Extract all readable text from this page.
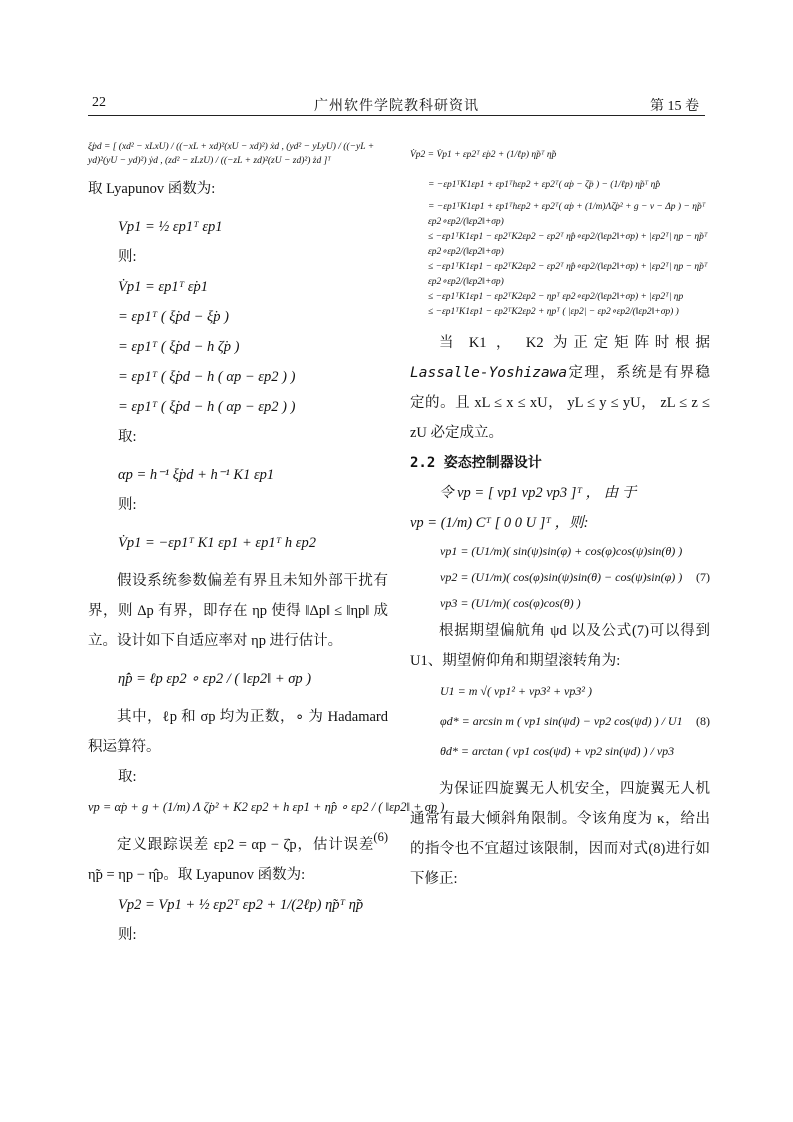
22	广州软件学院教科研资讯	第 15 卷
ξ̇pd = [ (xd² − xLxU) / ((−xL + xd)²(xU − xd)²) ẋd , (yd² − yLyU) / ((−yL + yd)²(yU − yd)²) ẏd , (zd² − zLzU) / ((−zL + zd)²(zU − zd)²) żd ]ᵀ
取 Lyapunov 函数为:
Vp1 = ½ εp1ᵀ εp1
则:
V̇p1 = εp1ᵀ ε̇p1
= εp1ᵀ ( ξ̇pd − ξ̇p )
= εp1ᵀ ( ξ̇pd − h ζ̇p )
= εp1ᵀ ( ξ̇pd − h ( αp − εp2 ) )
= εp1ᵀ ( ξ̇pd − h ( αp − εp2 ) )
取:
αp = h⁻¹ ξ̇pd + h⁻¹ K1 εp1
则:
V̇p1 = −εp1ᵀ K1 εp1 + εp1ᵀ h εp2
假设系统参数偏差有界且未知外部干扰有界，则 Δp 有界，即存在 ηp 使得 ‖Δp‖ ≤ ‖ηp‖ 成立。设计如下自适应率对 ηp 进行估计。
η̂̇p = ℓp εp2 ∘ εp2 / ( ‖εp2‖ + σp )
其中，ℓp 和 σp 均为正数，∘ 为 Hadamard 积运算符。
取:
vp = α̇p + g + (1/m) Λ ζ̇p² + K2 εp2 + h εp1 + η̂p ∘ εp2 / ( ‖εp2‖ + σp )
(6)
定义跟踪误差 εp2 = αp − ζ̇p，估计误差 η̃p = ηp − η̂p。取 Lyapunov 函数为:
Vp2 = Vp1 + ½ εp2ᵀ εp2 + 1/(2ℓp) η̃pᵀ η̃p
则:
V̇p2 = V̇p1 + εp2ᵀ ε̇p2 + (1/ℓp) η̃pᵀ η̃̇p
= −εp1ᵀK1εp1 + εp1ᵀhεp2 + εp2ᵀ( α̇p − ζ̈p ) − (1/ℓp) η̃pᵀ η̂̇p
= −εp1ᵀK1εp1 + εp1ᵀhεp2 + εp2ᵀ( α̇p + (1/m)Λζ̇p² + g − v − Δp ) − η̃pᵀ εp2∘εp2/(‖εp2‖+σp)
≤ −εp1ᵀK1εp1 − εp2ᵀK2εp2 − εp2ᵀ η̂p∘εp2/(‖εp2‖+σp) + |εp2ᵀ| ηp − η̃pᵀ εp2∘εp2/(‖εp2‖+σp)
≤ −εp1ᵀK1εp1 − εp2ᵀK2εp2 − εp2ᵀ η̂p∘εp2/(‖εp2‖+σp) + |εp2ᵀ| ηp − η̃pᵀ εp2∘εp2/(‖εp2‖+σp)
≤ −εp1ᵀK1εp1 − εp2ᵀK2εp2 − ηpᵀ εp2∘εp2/(‖εp2‖+σp) + |εp2ᵀ| ηp
≤ −εp1ᵀK1εp1 − εp2ᵀK2εp2 + ηpᵀ ( |εp2| − εp2∘εp2/(‖εp2‖+σp) )
当 K1 ， K2 为正定矩阵时根据 Lassalle-Yoshizawa定理，系统是有界稳定的。且 xL ≤ x ≤ xU， yL ≤ y ≤ yU， zL ≤ z ≤ zU 必定成立。
2.2 姿态控制器设计
令 vp = [ vp1 vp2 vp3 ]ᵀ ， 由 于
vp = (1/m) Cᵀ [ 0 0 U ]ᵀ ，则:
vp1 = (U1/m)( sin(ψ)sin(φ) + cos(φ)cos(ψ)sin(θ) )
vp2 = (U1/m)( cos(φ)sin(ψ)sin(θ) − cos(ψ)sin(φ) ) (7)
vp3 = (U1/m)( cos(φ)cos(θ) )
根据期望偏航角 ψd 以及公式(7)可以得到 U1、期望俯仰角和期望滚转角为:
U1 = m √( vp1² + vp3² + vp3² )
φd* = arcsin m ( vp1 sin(ψd) − vp2 cos(ψd) ) / U1 (8)
θd* = arctan ( vp1 cos(ψd) + vp2 sin(ψd) ) / vp3
为保证四旋翼无人机安全，四旋翼无人机通常有最大倾斜角限制。令该角度为 κ，给出的指令也不宜超过该限制，因而对式(8)进行如下修正:
